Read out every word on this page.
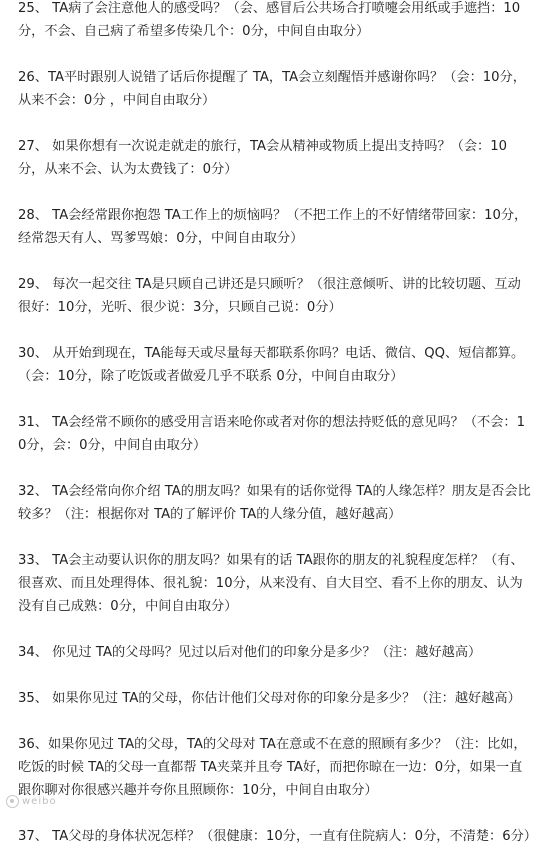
25、 TA病了会注意他人的感受吗？（会、感冒后公共场合打喷嚏会用纸或手遮挡：10分，不会、自己病了希望多传染几个：0分，中间自由取分）

26、TA平时跟别人说错了话后你提醒了 TA，TA会立刻醒悟并感谢你吗？（会：10分，从来不会：0分 ，中间自由取分）

27、 如果你想有一次说走就走的旅行，TA会从精神或物质上提出支持吗？（会：10分，从来不会、认为太费钱了：0分）

28、 TA会经常跟你抱怨 TA工作上的烦恼吗？（不把工作上的不好情绪带回家：10分，经常怨天有人、骂爹骂娘：0分，中间自由取分）

29、 每次一起交往 TA是只顾自己讲还是只顾听？（很注意倾听、讲的比较切题、互动很好：10分，光听、很少说：3分，只顾自己说：0分）

30、 从开始到现在，TA能每天或尽量每天都联系你吗？电话、微信、QQ、短信都算。（会：10分，除了吃饭或者做爱几乎不联系 0分，中间自由取分）

31、 TA会经常不顾你的感受用言语来呛你或者对你的想法持贬低的意见吗？（不会：10分，会：0分，中间自由取分）

32、 TA会经常向你介绍 TA的朋友吗？如果有的话你觉得 TA的人缘怎样？朋友是否会比较多？（注：根据你对 TA的了解评价 TA的人缘分值，越好越高）

33、 TA会主动要认识你的朋友吗？如果有的话 TA跟你的朋友的礼貌程度怎样？（有、很喜欢、而且处理得体、很礼貌：10分，从来没有、自大目空、看不上你的朋友、认为没有自己成熟：0分，中间自由取分）

34、 你见过 TA的父母吗？见过以后对他们的印象分是多少？（注：越好越高）

35、 如果你见过 TA的父母，你估计他们父母对你的印象分是多少？（注：越好越高）

36、如果你见过 TA的父母，TA的父母对 TA在意或不在意的照顾有多少？（注：比如，吃饭的时候 TA的父母一直都帮 TA夹菜并且夸 TA好，而把你晾在一边：0分，如果一直跟你聊对你很感兴趣并夸你且照顾你：10分，中间自由取分）

37、 TA父母的身体状况怎样？（很健康：10分，一直有住院病人：0分，不清楚：6分）

weibo
